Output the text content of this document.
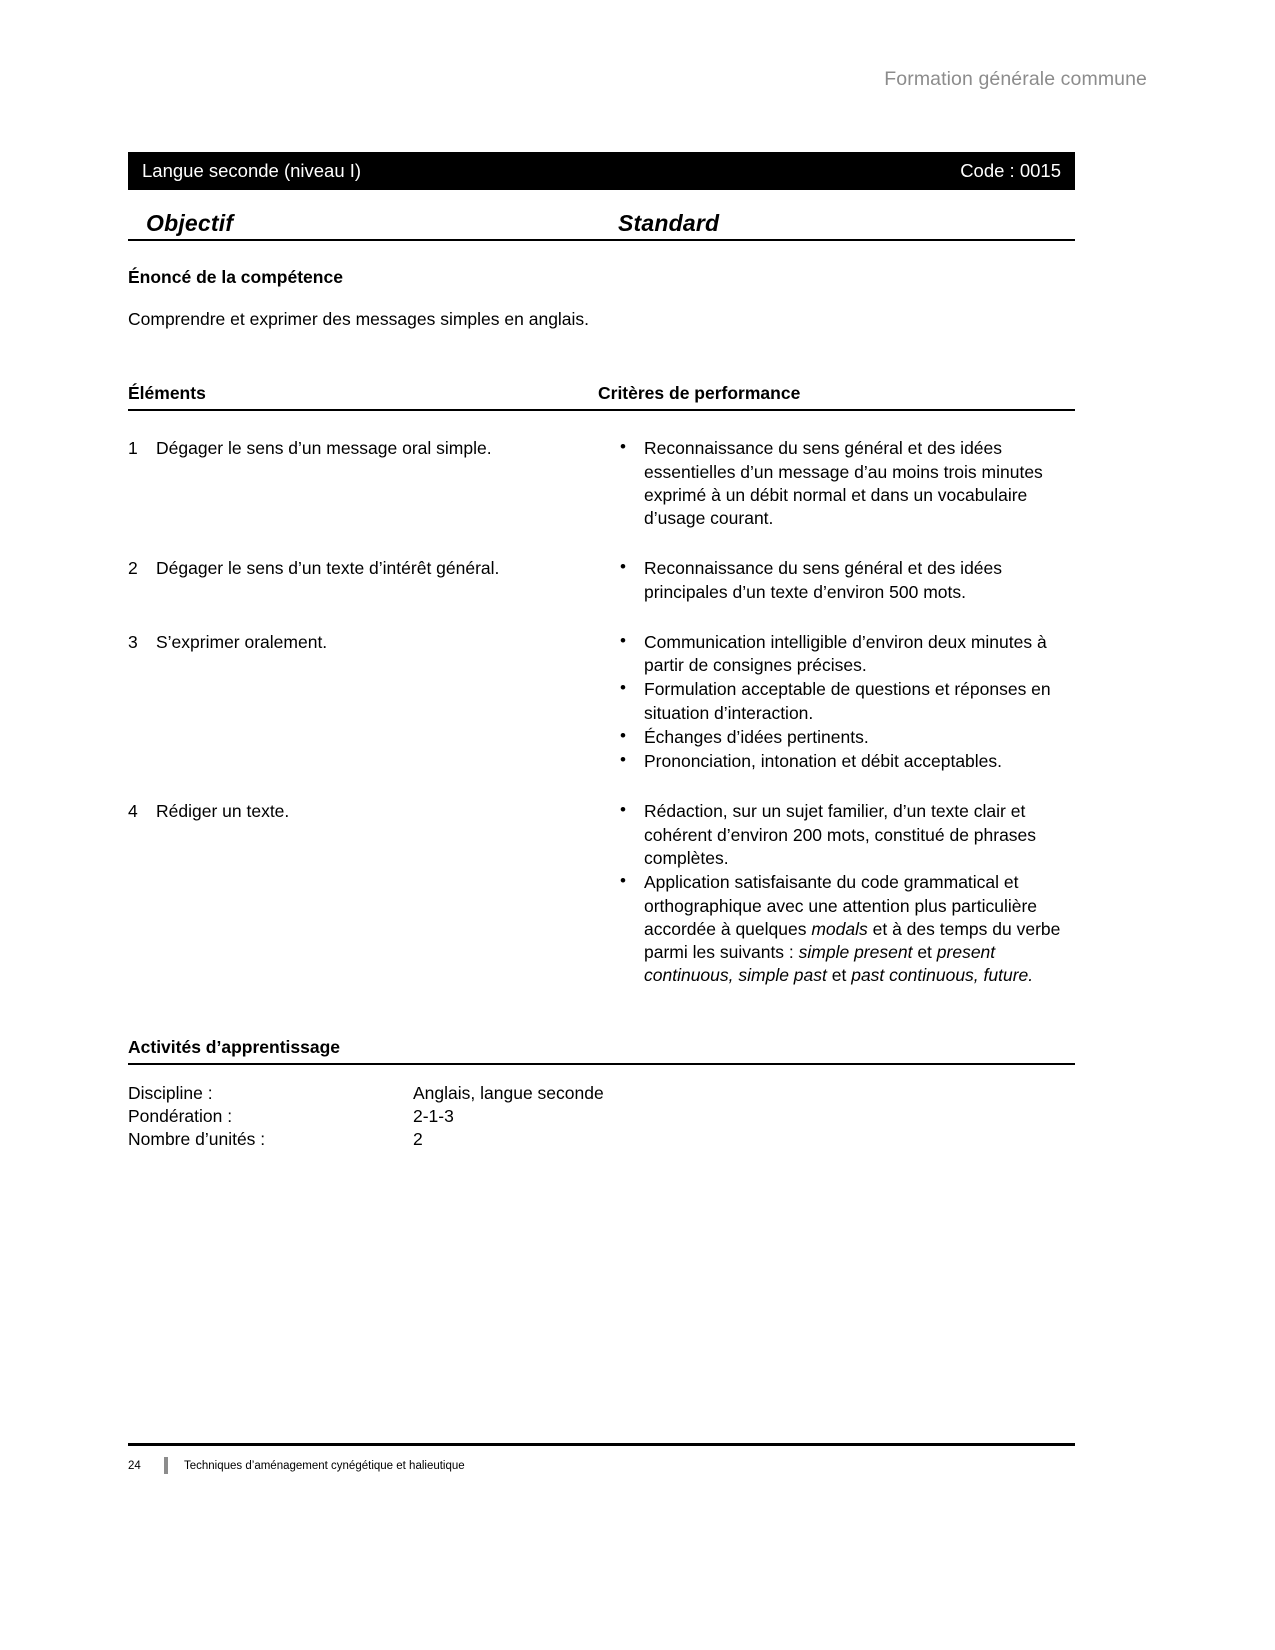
Formation générale commune
Langue seconde (niveau I)	Code : 0015
Objectif	Standard
Énoncé de la compétence
Comprendre et exprimer des messages simples en anglais.
Éléments	Critères de performance
1	Dégager le sens d’un message oral simple.	• Reconnaissance du sens général et des idées essentielles d’un message d’au moins trois minutes exprimé à un débit normal et dans un vocabulaire d’usage courant.
2	Dégager le sens d’un texte d’intérêt général.	• Reconnaissance du sens général et des idées principales d’un texte d’environ 500 mots.
3	S’exprimer oralement.	• Communication intelligible d’environ deux minutes à partir de consignes précises.
• Formulation acceptable de questions et réponses en situation d’interaction.
• Échanges d’idées pertinents.
• Prononciation, intonation et débit acceptables.
4	Rédiger un texte.	• Rédaction, sur un sujet familier, d’un texte clair et cohérent d’environ 200 mots, constitué de phrases complètes.
• Application satisfaisante du code grammatical et orthographique avec une attention plus particulière accordée à quelques modals et à des temps du verbe parmi les suivants : simple present et present continuous, simple past et past continuous, future.
Activités d’apprentissage
Discipline :	Anglais, langue seconde
Pondération :	2-1-3
Nombre d’unités :	2
24	Techniques d’aménagement cynégétique et halieutique
